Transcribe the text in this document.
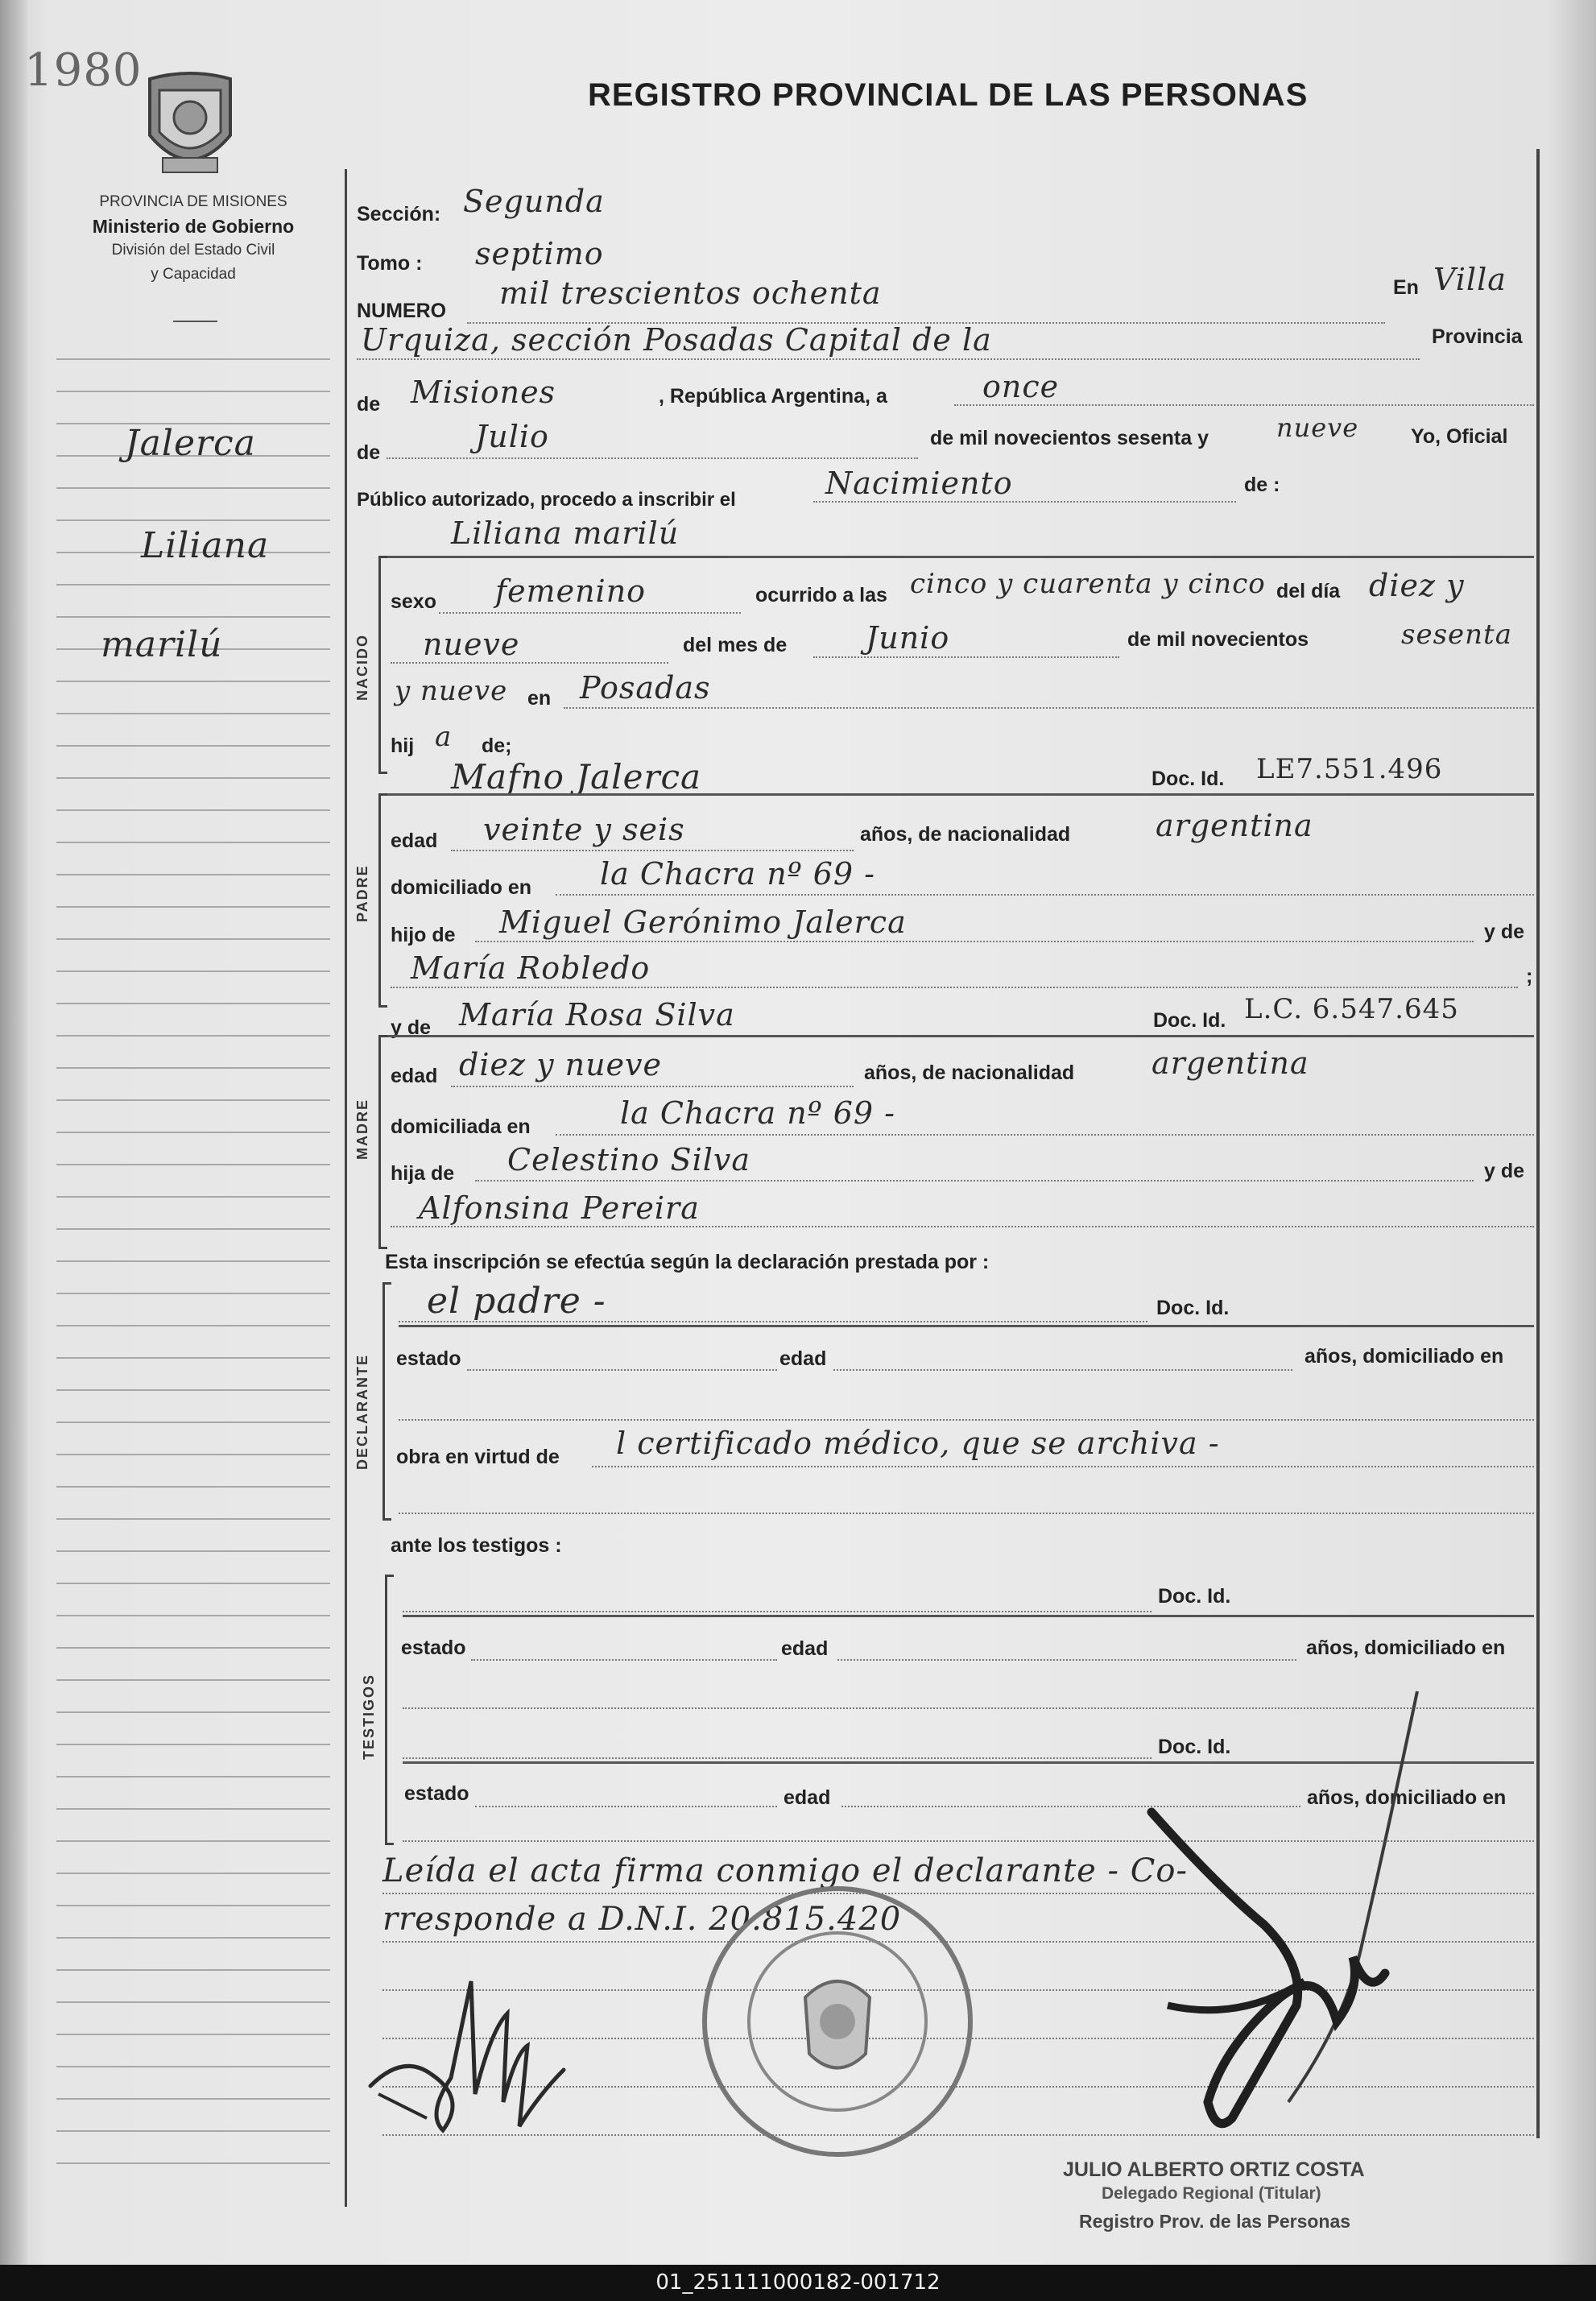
1980
PROVINCIA DE MISIONES
Ministerio de Gobierno
División del Estado Civil
y Capacidad
REGISTRO PROVINCIAL DE LAS PERSONAS
Jalerca
Liliana
marilú
Sección: Segunda
Tomo : septimo
NUMERO mil trescientos ochenta	En Villa
Urquiza, sección Posadas Capital de la	Provincia
de Misiones	, República Argentina, a	once
de	Julio	de mil novecientos sesenta y	nueve	Yo, Oficial
Público autorizado, procedo a inscribir el	Nacimiento	de :
Liliana marilú
NACIDO
sexo femenino	ocurrido a las cinco y cuarenta y cinco del día diez y
nueve	del mes de	Junio	de mil novecientos	sesenta
y nueve en Posadas
hij a de;
Mafno Jalerca	Doc. Id. LE7.551.496
PADRE
edad veinte y seis	años, de nacionalidad	argentina
domiciliado en la Chacra nº 69 -
hijo de Miguel Gerónimo Jalerca	y de
María Robledo	;
y de María Rosa Silva	Doc. Id. L.C. 6.547.645
MADRE
edad diez y nueve	años, de nacionalidad	argentina
domiciliada en	la Chacra nº 69 -
hija de Celestino Silva	y de
Alfonsina Pereira
Esta inscripción se efectúa según la declaración prestada por :
DECLARANTE
el padre -	Doc. Id.
estado	edad	años, domiciliado en
obra en virtud de l certificado médico, que se archiva -
ante los testigos :
TESTIGOS
Doc. Id.
estado	edad	años, domiciliado en
Doc. Id.
estado	edad	años, domiciliado en
Leída el acta firma conmigo el declarante - Co-
rresponde a D.N.I. 20.815.420
JULIO ALBERTO ORTIZ COSTA
Delegado Regional (Titular)
Registro Prov. de las Personas
01_251111000182-001712
